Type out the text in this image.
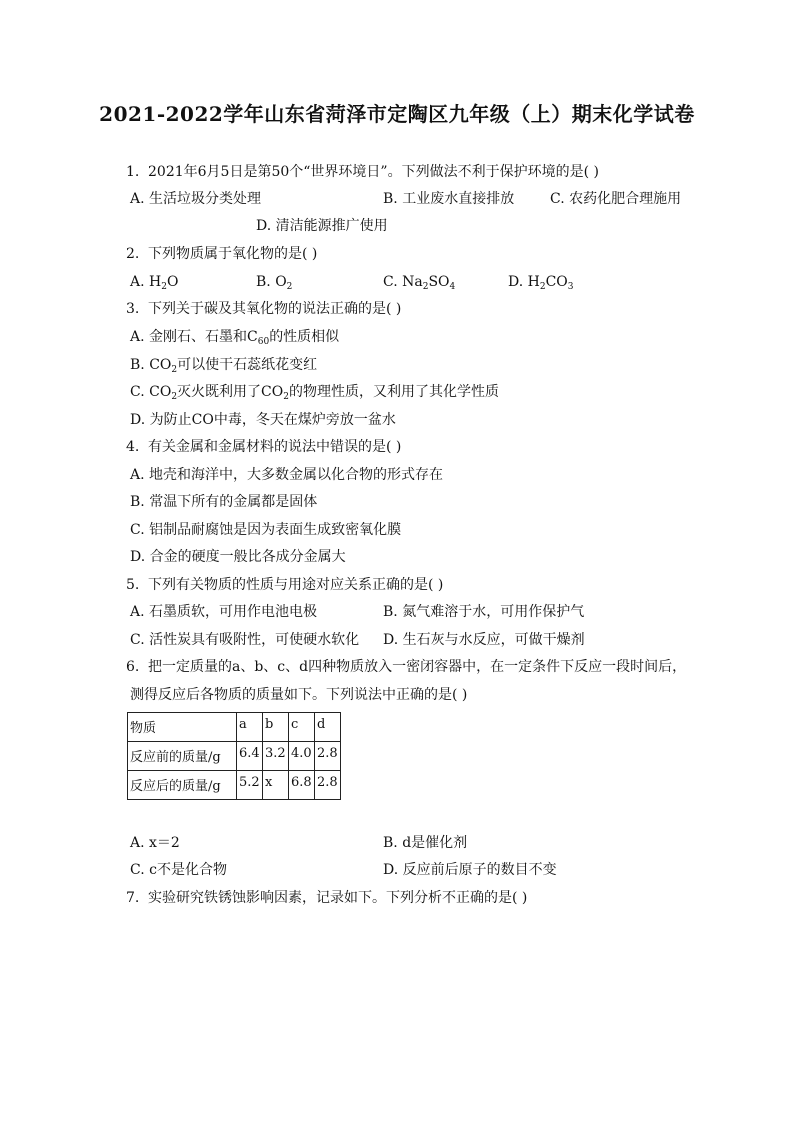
2021-2022学年山东省菏泽市定陶区九年级（上）期末化学试卷
1. 2021年6月5日是第50个“世界环境日”。下列做法不利于保护环境的是( )
A. 生活垃圾分类处理	B. 工业废水直接排放	C. 农药化肥合理施用
D. 清洁能源推广使用
2. 下列物质属于氧化物的是( )
A. $H_2O$	B. $O_2$	C. $Na_2SO_4$	D. $H_2CO_3$
3. 下列关于碳及其氧化物的说法正确的是( )
A. 金刚石、石墨和$C_{60}$的性质相似
B. $CO_2$可以使干石蕊纸花变红
C. $CO_2$灭火既利用了$CO_2$的物理性质，又利用了其化学性质
D. 为防止CO中毒，冬天在煤炉旁放一盆水
4. 有关金属和金属材料的说法中错误的是( )
A. 地壳和海洋中，大多数金属以化合物的形式存在
B. 常温下所有的金属都是固体
C. 铝制品耐腐蚀是因为表面生成致密氧化膜
D. 合金的硬度一般比各成分金属大
5. 下列有关物质的性质与用途对应关系正确的是( )
A. 石墨质软，可用作电池电极	B. 氮气难溶于水，可用作保护气
C. 活性炭具有吸附性，可使硬水软化 D. 生石灰与水反应，可做干燥剂
6. 把一定质量的a、b、c、d四种物质放入一密闭容器中，在一定条件下反应一段时间后，
测得反应后各物质的质量如下。下列说法中正确的是( )
物质	a	b	c	d
反应前的质量/g	6.4	3.2	4.0	2.8
反应后的质量/g	5.2	x	6.8	2.8
A. x＝2	B. d是催化剂
C. c不是化合物	D. 反应前后原子的数目不变
7. 实验研究铁锈蚀影响因素，记录如下。下列分析不正确的是( )
